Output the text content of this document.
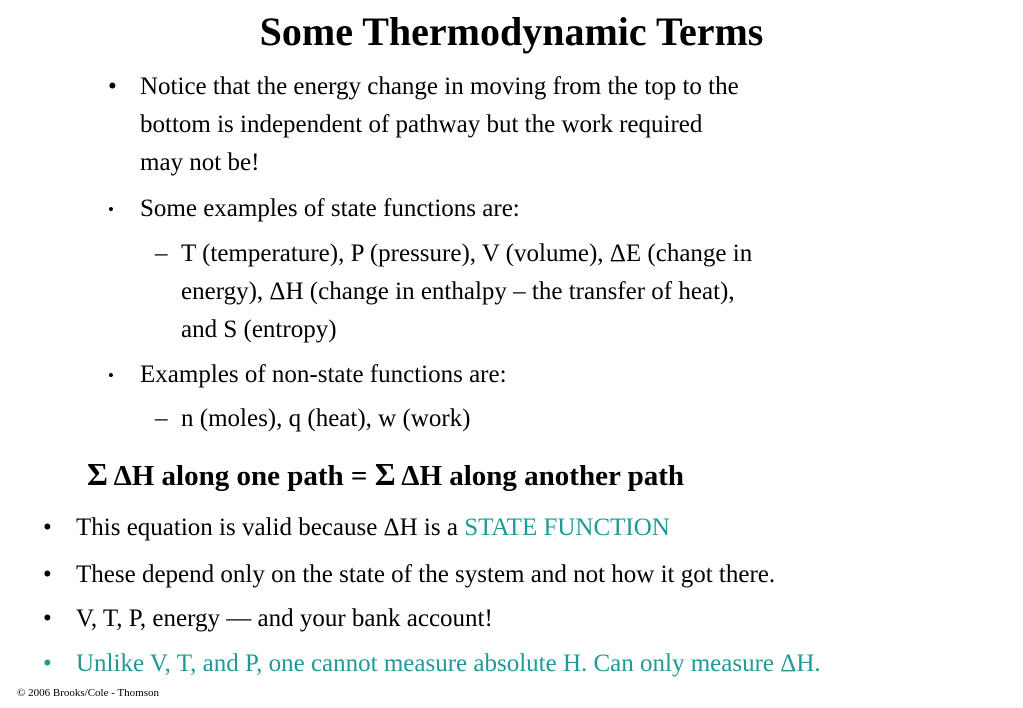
Some Thermodynamic Terms
• Notice that the energy change in moving from the top to the
bottom is independent of pathway but the work required
may not be!
• Some examples of state functions are:
– T (temperature), P (pressure), V (volume), ΔE (change in
energy), ΔH (change in enthalpy – the transfer of heat),
and S (entropy)
• Examples of non-state functions are:
– n (moles), q (heat), w (work)
Σ ΔH along one path = Σ ΔH along another path
• This equation is valid because ΔH is a STATE FUNCTION
• These depend only on the state of the system and not how it got there.
• V, T, P, energy — and your bank account!
• Unlike V, T, and P, one cannot measure absolute H. Can only measure ΔH.
© 2006 Brooks/Cole - Thomson
